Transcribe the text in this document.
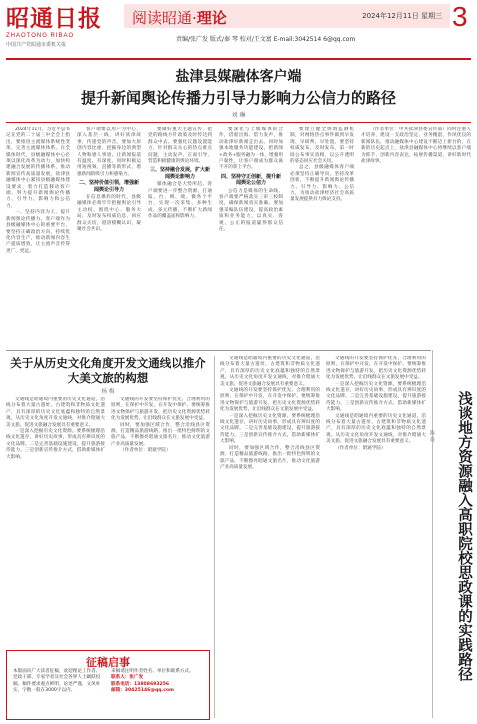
昭通日报
ZHAOTONG RIBAO
中国共产党昭通市委机关报
阅读昭通·理论	2024年12月11日 星期三 3
责编/张广发 版式/秦 琴 校对/王文富 E-mail:3042514 6@qq.com
盐津县媒融体客户端
提升新闻舆论传播力引导力影响力公信力的路径
刘 琳

2024年11月，习近平总书记在党的二十届三中全会上指出，要推进主流媒体系统性变革，完善主流媒体体系。在全媒体时代，县级融媒体中心必须以深化改革为动力，加快构建融合发展的传播体系，推动新闻宣传高质量发展。盐津县融媒体中心紧扣县级融媒体建设要求，着力打造移动客户端，努力提升新闻舆论传播力、引导力、影响力和公信力。

一、坚持内容为王，提升新闻舆论传播力。客户端作为县级融媒体中心的重要平台，要坚持正确政治方向，持续优化内容生产，推动新闻内容生产提质增效，让主流声音传得更广、更远。

客户端要以用户为中心，深入基层一线，讲好盐津故事，传递党的声音。要加大原创内容比重，挖掘身边的典型人物和感人事迹，让新闻报道有温度、有深度。同时积极运用短视频、直播等新形式，增强新闻的吸引力和感染力。

二、坚持价值引领，增强新闻舆论引导力

在信息爆炸的时代，县级融媒体必须牢牢把握舆论引导主动权，围绕中心、服务大局，及时发布权威信息，回应群众关切，澄清模糊认识，凝聚社会共识。

要做好重大主题宣传，把党的路线方针政策及时传达到群众中去。要强化议题设置能力，针对群众关心的热点难点问题，主动发声、正面引导，营造积极健康的舆论环境。

三、坚持融合发展，扩大新闻舆论影响力

媒体融合是大势所趋。客户端要进一步整合资源，打通报、台、网、端、微各个平台，实现一次采集、多种生成、多元传播，不断扩大新闻作品的覆盖面和影响力。

要深化与上级媒体的合作，借船出海、借力发声，推动盐津好新闻走出去。同时加强本地服务功能建设，把新闻+政务+服务融为一体，增强用户黏性，让客户端成为群众离不开的掌上平台。

四、坚持守正创新，提升新闻舆论公信力

公信力是媒体的生命线。客户端要严格落实三审三校制度，确保新闻真实准确。要加强采编队伍建设，提高政治素质和业务能力，以真实、客观、公正的报道赢得群众信任。

要建立健全舆情监测机制，对网络热点事件做到早发现、早研判、早处置。要坚持权威发布、及时发布，第一时间公布事实真相，以公开透明的姿态回应社会关切。

总之，县级融媒体客户端必须坚持正确导向，坚持改革创新，不断提升新闻舆论传播力、引导力、影响力、公信力，为推动盐津经济社会高质量发展提供有力舆论支持。

（作者单位：中共盐津县委宣传部）同时注重人才培养，建设一支政治坚定、业务精湛、作风优良的新闻队伍，推动融媒体中心建设不断迈上新台阶。在新的历史起点上，盐津县融媒体中心将继续以客户端为抓手，创新内容表达，拓展传播渠道，讲好新时代盐津故事。

关于从历史文化角度开发文通线以推介大美文旅的构想
杨 梅

文通线是昭通境内重要的历史文化通道，沿线分布着大量古遗址、古建筑和非物质文化遗产，具有深厚的历史文化底蕴和独特的自然景观。从历史文化角度开发文通线，对推介昭通大美文旅、促进文旅融合发展具有重要意义。

一是深入挖掘历史文化资源。要系统梳理沿线文化遗存，讲好历史故事，形成具有辨识度的文化品牌。二是完善基础设施建设，提升旅游接待能力。三是创新宣传推介方式，借助新媒体扩大影响。

文通线的开发要坚持保护优先、合理利用的原则，在保护中开发，在开发中保护。要统筹推进文物保护与旅游开发，把历史文化资源优势转化为发展优势，让沿线群众在文旅发展中受益。

同时，要加强区域合作，整合沿线县区资源，打造精品旅游线路，推出一批特色鲜明的文旅产品，不断擦亮昭通文旅名片，推动文化旅游产业高质量发展。

（作者单位：昭通学院）

文通线是昭通境内重要的历史文化通道，沿线分布着大量古遗址、古建筑和非物质文化遗产，具有深厚的历史文化底蕴和独特的自然景观。从历史文化角度开发文通线，对推介昭通大美文旅、促进文旅融合发展具有重要意义。

文通线的开发要坚持保护优先、合理利用的原则，在保护中开发，在开发中保护。要统筹推进文物保护与旅游开发，把历史文化资源优势转化为发展优势，让沿线群众在文旅发展中受益。

一是深入挖掘历史文化资源。要系统梳理沿线文化遗存，讲好历史故事，形成具有辨识度的文化品牌。二是完善基础设施建设，提升旅游接待能力。三是创新宣传推介方式，借助新媒体扩大影响。

同时，要加强区域合作，整合沿线县区资源，打造精品旅游线路，推出一批特色鲜明的文旅产品，不断擦亮昭通文旅名片，推动文化旅游产业高质量发展。

文通线的开发要坚持保护优先、合理利用的原则，在保护中开发，在开发中保护。要统筹推进文物保护与旅游开发，把历史文化资源优势转化为发展优势，让沿线群众在文旅发展中受益。

一是深入挖掘历史文化资源。要系统梳理沿线文化遗存，讲好历史故事，形成具有辨识度的文化品牌。二是完善基础设施建设，提升旅游接待能力。三是创新宣传推介方式，借助新媒体扩大影响。

文通线是昭通境内重要的历史文化通道，沿线分布着大量古遗址、古建筑和非物质文化遗产，具有深厚的历史文化底蕴和独特的自然景观。从历史文化角度开发文通线，对推介昭通大美文旅、促进文旅融合发展具有重要意义。

（作者单位：昭通学院）

征稿启事
本版面向广大读者征稿，欢迎理论工作者、党政干部、专家学者及社会各界人士踊跃投稿。稿件要求观点鲜明、论述严谨、文风朴实，字数一般在3000字以内。
来稿请注明作者姓名、单位和联系方式。
联系人：张广发
联系电话：13808693256
邮箱：30425146@qq.com
浅谈地方资源融入高职院校思政课的实践路径
陈 晨
